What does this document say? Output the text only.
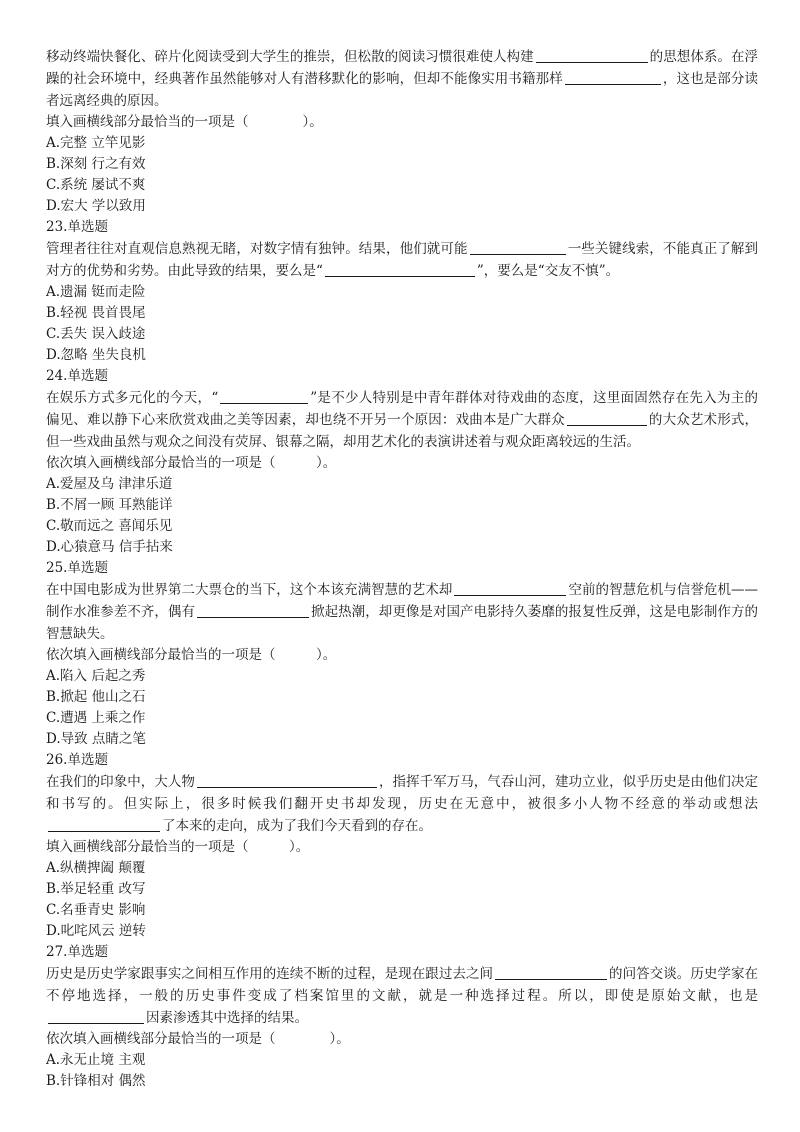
移动终端快餐化、碎片化阅读受到大学生的推崇，但松散的阅读习惯很难使人构建	的思想体系。在浮躁的社会环境中，经典著作虽然能够对人有潜移默化的影响，但却不能像实用书籍那样	，这也是部分读者远离经典的原因。

填入画横线部分最恰当的一项是（　　　　）。

A.完整 立竿见影

B.深刻 行之有效

C.系统 屡试不爽

D.宏大 学以致用

23.单选题

管理者往往对直观信息熟视无睹，对数字情有独钟。结果，他们就可能	一些关键线索，不能真正了解到对方的优势和劣势。由此导致的结果，要么是“	”，要么是“交友不慎”。

A.遗漏 铤而走险

B.轻视 畏首畏尾

C.丢失 误入歧途

D.忽略 坐失良机

24.单选题

在娱乐方式多元化的今天，“	”是不少人特别是中青年群体对待戏曲的态度，这里面固然存在先入为主的偏见、难以静下心来欣赏戏曲之美等因素，却也绕不开另一个原因：戏曲本是广大群众	的大众艺术形式，但一些戏曲虽然与观众之间没有荧屏、银幕之隔，却用艺术化的表演讲述着与观众距离较远的生活。

依次填入画横线部分最恰当的一项是（　　　）。

A.爱屋及乌 津津乐道

B.不屑一顾 耳熟能详

C.敬而远之 喜闻乐见

D.心猿意马 信手拈来

25.单选题

在中国电影成为世界第二大票仓的当下，这个本该充满智慧的艺术却	空前的智慧危机与信誉危机——制作水准参差不齐，偶有	掀起热潮，却更像是对国产电影持久萎靡的报复性反弹，这是电影制作方的智慧缺失。

依次填入画横线部分最恰当的一项是（　　　）。

A.陷入 后起之秀

B.掀起 他山之石

C.遭遇 上乘之作

D.导致 点睛之笔

26.单选题

在我们的印象中，大人物	，指挥千军万马，气吞山河，建功立业，似乎历史是由他们决定和书写的。但实际上，很多时候我们翻开史书却发现，历史在无意中，被很多小人物不经意的举动或想法了本来的走向，成为了我们今天看到的存在。

填入画横线部分最恰当的一项是（　　　）。

A.纵横捭阖 颠覆

B.举足轻重 改写

C.名垂青史 影响

D.叱咤风云 逆转

27.单选题

历史是历史学家跟事实之间相互作用的连续不断的过程，是现在跟过去之间	的问答交谈。历史学家在不停地选择，一般的历史事件变成了档案馆里的文献，就是一种选择过程。所以，即使是原始文献，也是因素渗透其中选择的结果。

依次填入画横线部分最恰当的一项是（　　　　）。

A.永无止境 主观

B.针锋相对 偶然
